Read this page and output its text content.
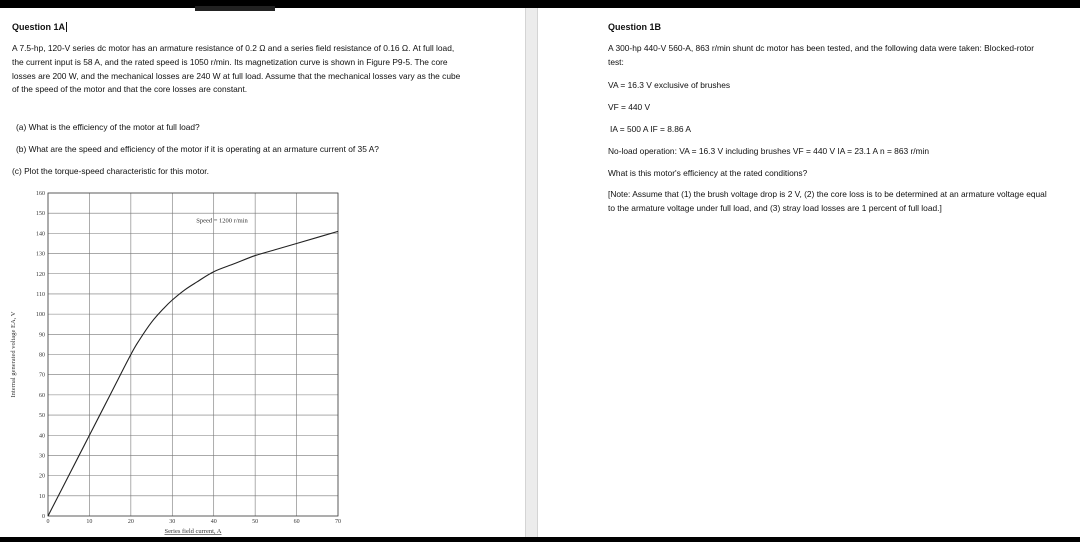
Question 1A
A 7.5-hp, 120-V series dc motor has an armature resistance of 0.2 Ω and a series field resistance of 0.16 Ω. At full load, the current input is 58 A, and the rated speed is 1050 r/min. Its magnetization curve is shown in Figure P9-5. The core losses are 200 W, and the mechanical losses are 240 W at full load. Assume that the mechanical losses vary as the cube of the speed of the motor and that the core losses are constant.
(a) What is the efficiency of the motor at full load?
(b) What are the speed and efficiency of the motor if it is operating at an armature current of 35 A?
(c) Plot the torque-speed characteristic for this motor.
Question 1B
A 300-hp 440-V 560-A, 863 r/min shunt dc motor has been tested, and the following data were taken: Blocked-rotor test:
VA = 16.3 V exclusive of brushes
VF = 440 V
IA = 500 A IF = 8.86 A
No-load operation: VA = 16.3 V including brushes VF = 440 V IA = 23.1 A n = 863 r/min
What is this motor's efficiency at the rated conditions?
[Note: Assume that (1) the brush voltage drop is 2 V, (2) the core loss is to be determined at an armature voltage equal to the armature voltage under full load, and (3) stray load losses are 1 percent of full load.]
0	10	20	30	40	50	60	70
0
10
20
30
40
50
60
70
80
90
100
110
120
130
140
150
160
Series field current, A
Internal generated voltage EA, V
Speed = 1200 r/min
